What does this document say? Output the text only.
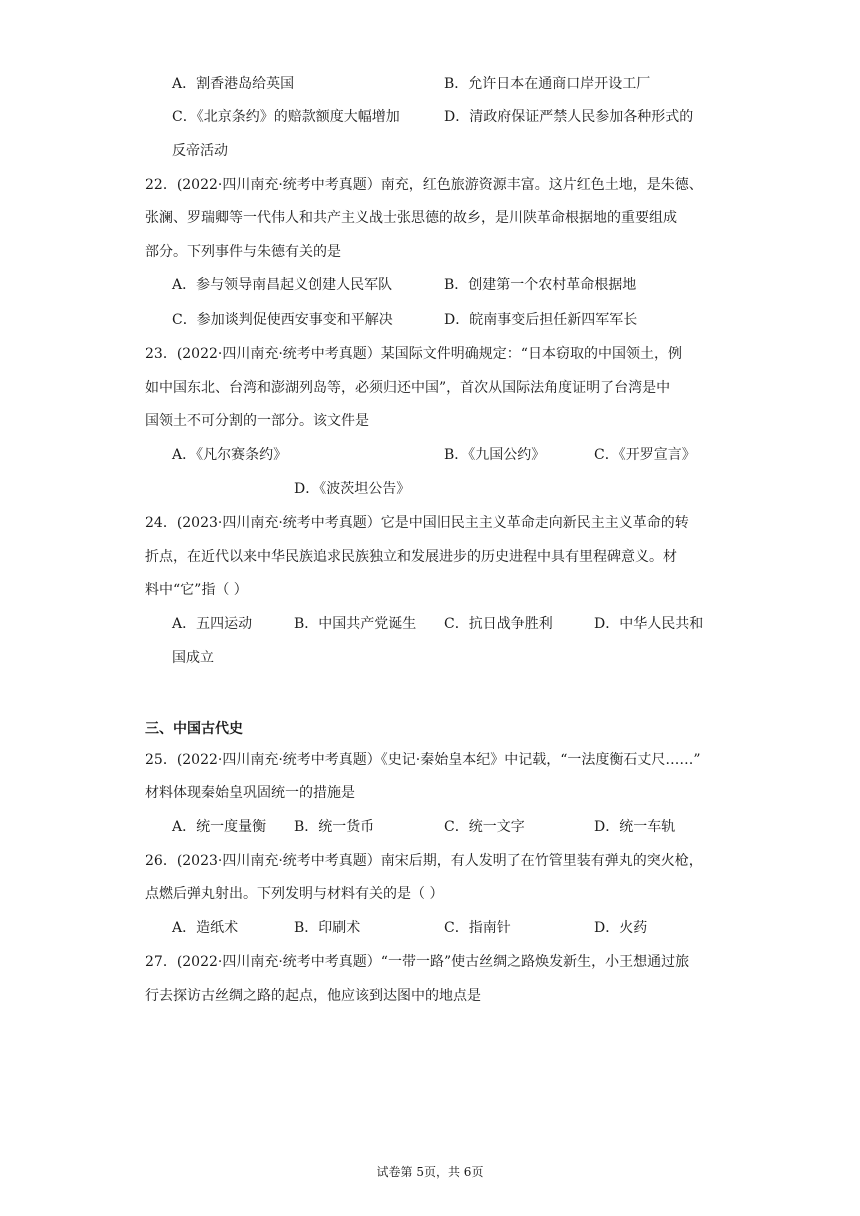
A．割香港岛给英国	B．允许日本在通商口岸开设工厂
C．《北京条约》的赔款额度大幅增加	D．清政府保证严禁人民参加各种形式的
反帝活动
22．(2022·四川南充·统考中考真题）南充，红色旅游资源丰富。这片红色土地，是朱德、
张澜、罗瑞卿等一代伟人和共产主义战士张思德的故乡，是川陕革命根据地的重要组成
部分。下列事件与朱德有关的是
A．参与领导南昌起义创建人民军队	B．创建第一个农村革命根据地
C．参加谈判促使西安事变和平解决	D．皖南事变后担任新四军军长
23．(2022·四川南充·统考中考真题）某国际文件明确规定：“日本窃取的中国领土，例
如中国东北、台湾和澎湖列岛等，必须归还中国”，首次从国际法角度证明了台湾是中
国领土不可分割的一部分。该文件是
A．《凡尔赛条约》	B．《九国公约》	C．《开罗宣言》
D．《波茨坦公告》
24．(2023·四川南充·统考中考真题）它是中国旧民主主义革命走向新民主主义革命的转
折点，在近代以来中华民族追求民族独立和发展进步的历史进程中具有里程碑意义。材
料中“它”指（ ）
A．五四运动	B．中国共产党诞生 C．抗日战争胜利	D．中华人民共和
国成立
三、中国古代史
25．(2022·四川南充·统考中考真题）《史记·秦始皇本纪》中记载，“一法度衡石丈尺……”
材料体现秦始皇巩固统一的措施是
A．统一度量衡 B．统一货币	C．统一文字	D．统一车轨
26．(2023·四川南充·统考中考真题）南宋后期，有人发明了在竹管里装有弹丸的突火枪，
点燃后弹丸射出。下列发明与材料有关的是（ ）
A．造纸术	B．印刷术	C．指南针	D．火药
27．(2022·四川南充·统考中考真题）“一带一路”使古丝绸之路焕发新生，小王想通过旅
行去探访古丝绸之路的起点，他应该到达图中的地点是
试卷第 5页，共 6页
